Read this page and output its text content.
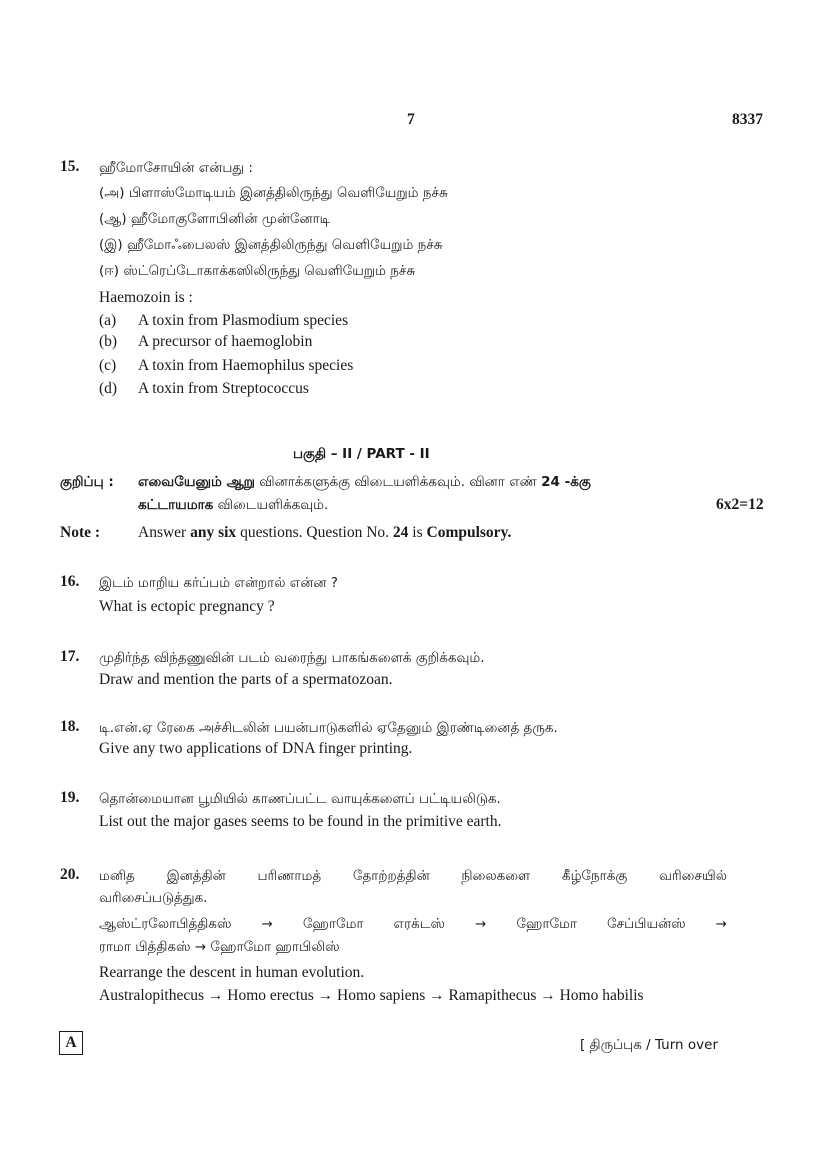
7	8337
15. ஹீமோசோயின் என்பது :
(அ) பிளாஸ்மோடியம் இனத்திலிருந்து வெளியேறும் நச்சு
(ஆ) ஹீமோகுளோபினின் முன்னோடி
(இ) ஹீமோஃபைலஸ் இனத்திலிருந்து வெளியேறும் நச்சு
(ஈ) ஸ்ட்ரெப்டோகாக்கஸிலிருந்து வெளியேறும் நச்சு
Haemozoin is :
(a) A toxin from Plasmodium species
(b) A precursor of haemoglobin
(c) A toxin from Haemophilus species
(d) A toxin from Streptococcus
பகுதி – II / PART - II
குறிப்பு : எவையேனும் ஆறு வினாக்களுக்கு விடையளிக்கவும். வினா எண் 24 -க்கு
கட்டாயமாக விடையளிக்கவும்.	6x2=12
Note : Answer any six questions. Question No. 24 is Compulsory.
16. இடம் மாறிய கர்ப்பம் என்றால் என்ன ?
What is ectopic pregnancy ?
17. முதிர்ந்த விந்தணுவின் படம் வரைந்து பாகங்களைக் குறிக்கவும்.
Draw and mention the parts of a spermatozoan.
18. டி.என்.ஏ ரேகை அச்சிடலின் பயன்பாடுகளில் ஏதேனும் இரண்டினைத் தருக.
Give any two applications of DNA finger printing.
19. தொன்மையான பூமியில் காணப்பட்ட வாயுக்களைப் பட்டியலிடுக.
List out the major gases seems to be found in the primitive earth.
20. மனித இனத்தின் பரிணாமத் தோற்றத்தின் நிலைகளை கீழ்நோக்கு வரிசையில்
வரிசைப்படுத்துக.
ஆஸ்ட்ரலோபித்திகஸ் → ஹோமோ எரக்டஸ் → ஹோமோ சேப்பியன்ஸ் →
ராமா பித்திகஸ் → ஹோமோ ஹாபிலிஸ்
Rearrange the descent in human evolution.
Australopithecus → Homo erectus → Homo sapiens → Ramapithecus → Homo habilis
A	[ திருப்புக / Turn over
